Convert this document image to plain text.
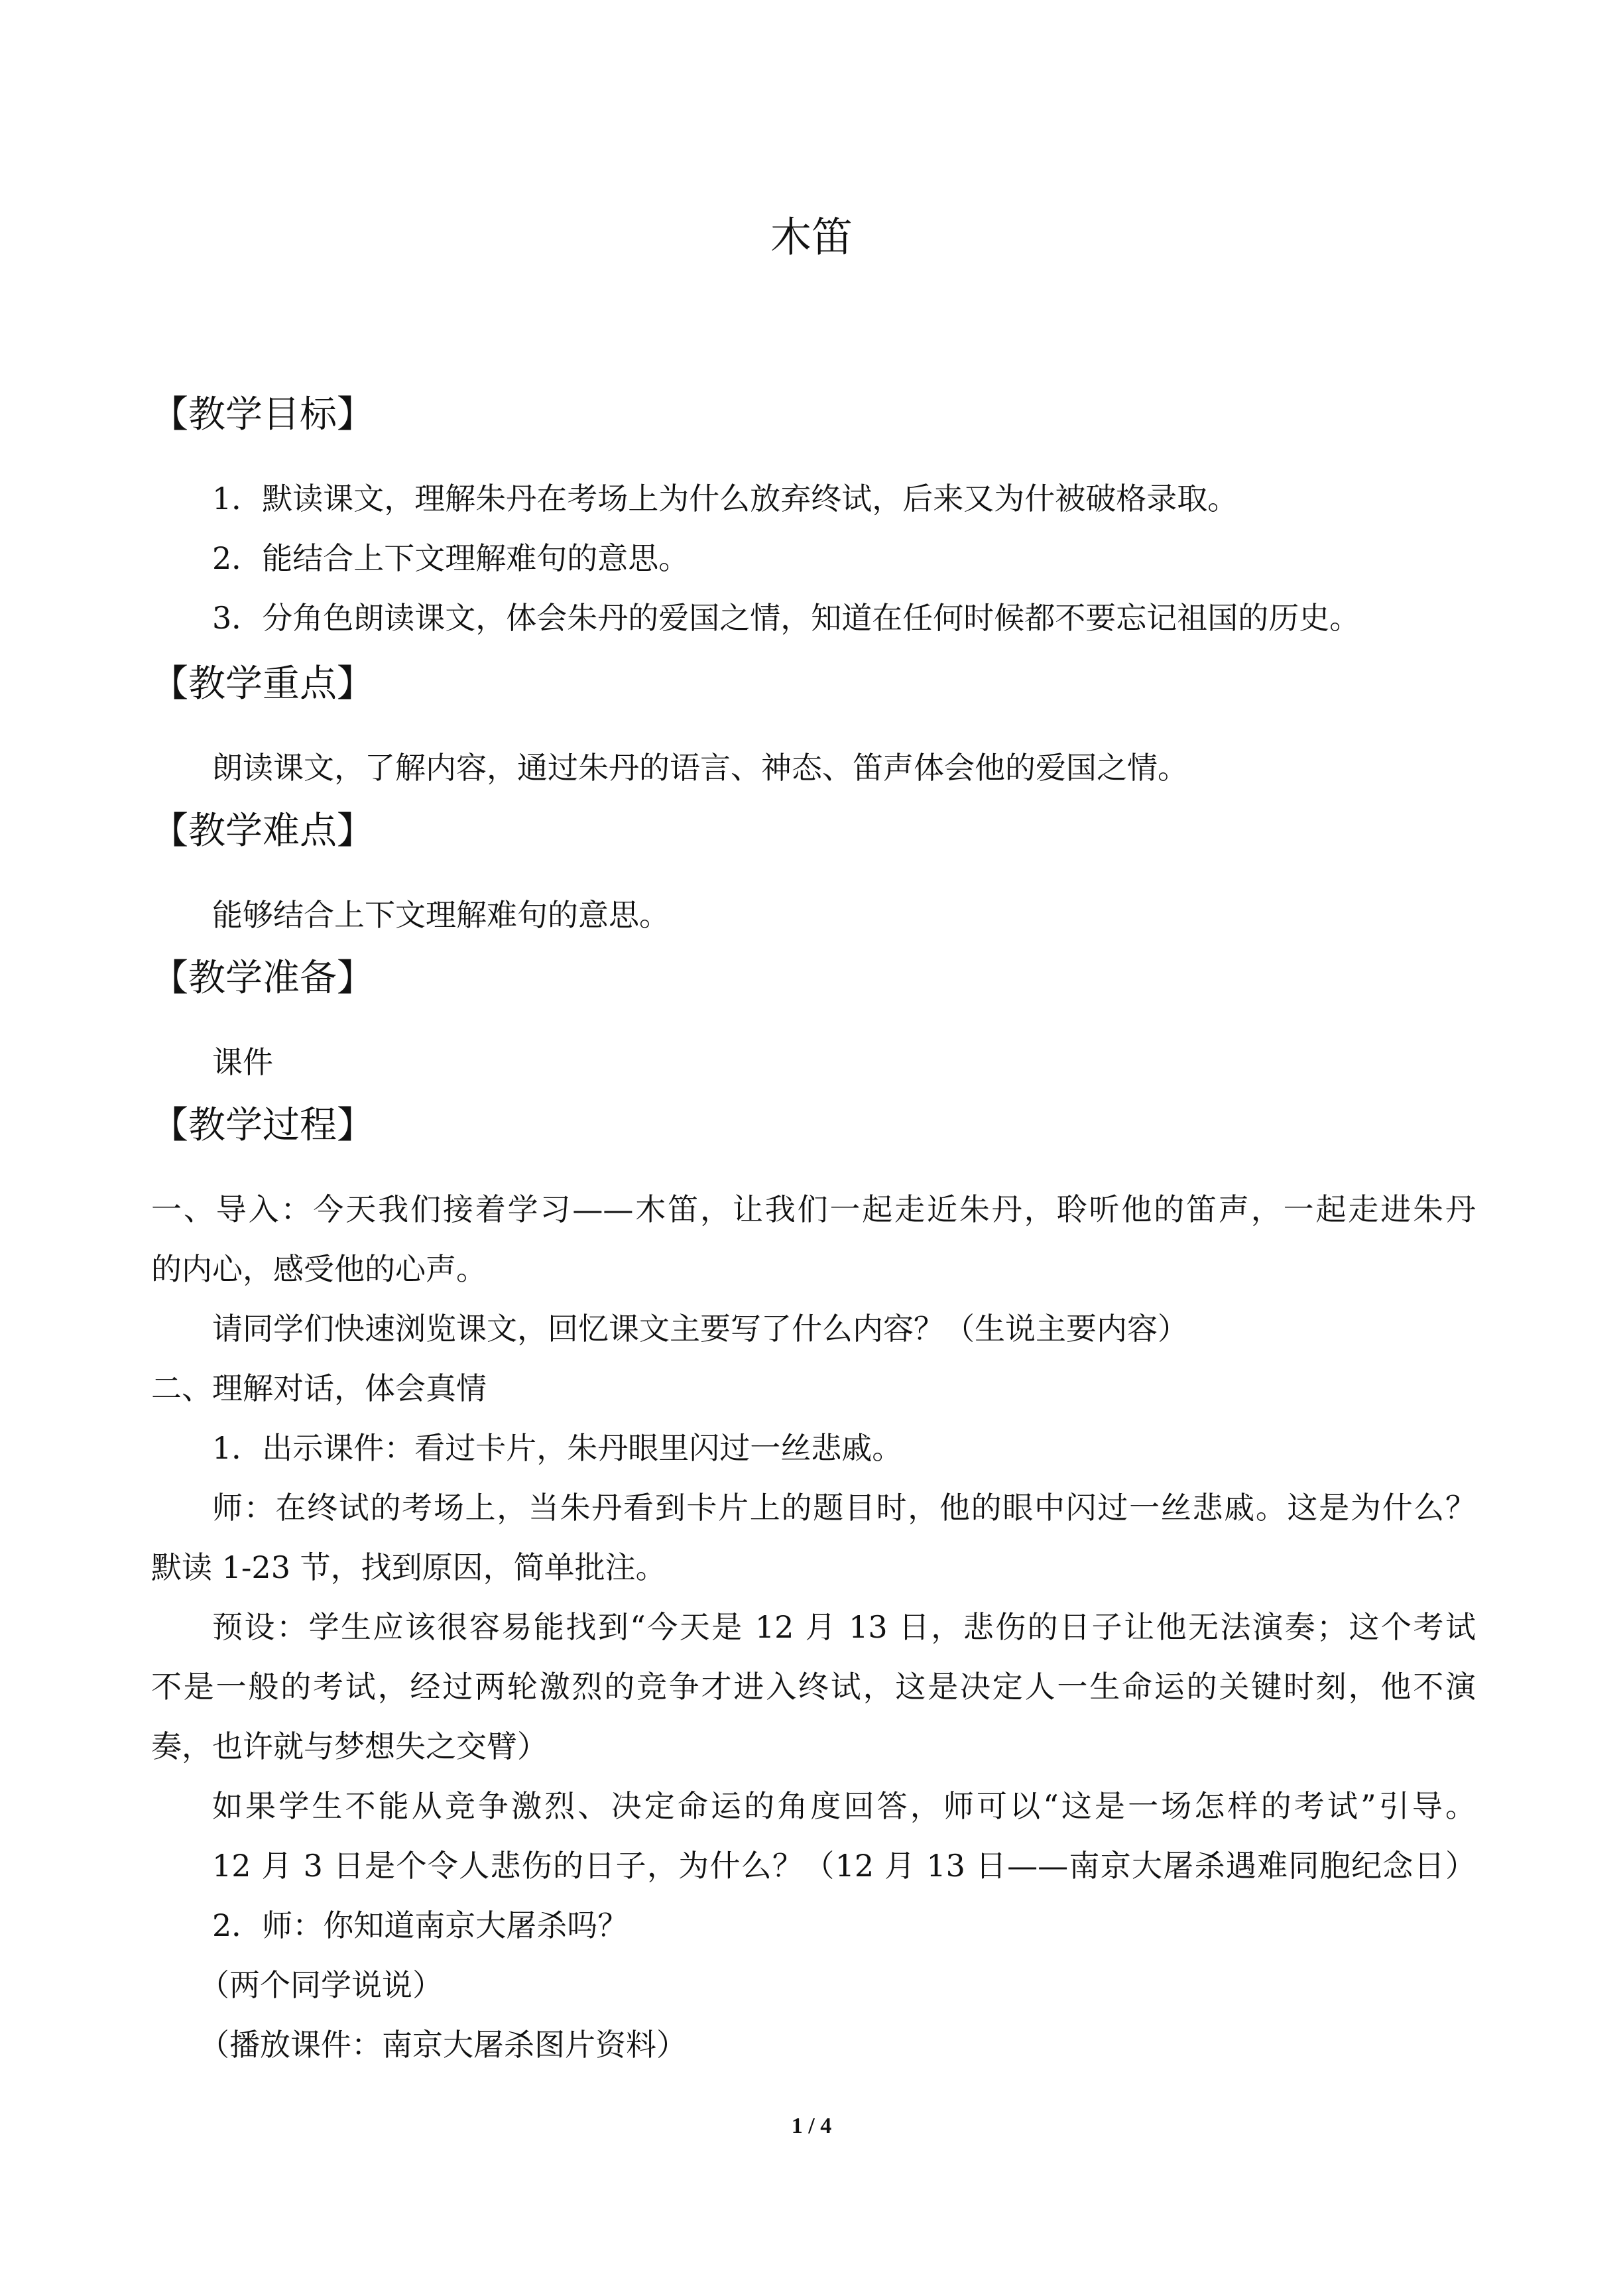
木笛
【教学目标】
1．默读课文，理解朱丹在考场上为什么放弃终试，后来又为什被破格录取。
2．能结合上下文理解难句的意思。
3．分角色朗读课文，体会朱丹的爱国之情，知道在任何时候都不要忘记祖国的历史。
【教学重点】
朗读课文，了解内容，通过朱丹的语言、神态、笛声体会他的爱国之情。
【教学难点】
能够结合上下文理解难句的意思。
【教学准备】
课件
【教学过程】
一、导入：今天我们接着学习——木笛，让我们一起走近朱丹，聆听他的笛声，一起走进朱丹
的内心，感受他的心声。
请同学们快速浏览课文，回忆课文主要写了什么内容？（生说主要内容）
二、理解对话，体会真情
1．出示课件：看过卡片，朱丹眼里闪过一丝悲戚。
师：在终试的考场上，当朱丹看到卡片上的题目时，他的眼中闪过一丝悲戚。这是为什么？
默读 1-23 节，找到原因，简单批注。
预设：学生应该很容易能找到“今天是 12 月 13 日，悲伤的日子让他无法演奏；这个考试
不是一般的考试，经过两轮激烈的竞争才进入终试，这是决定人一生命运的关键时刻，他不演
奏，也许就与梦想失之交臂）
如果学生不能从竞争激烈、决定命运的角度回答，师可以“这是一场怎样的考试”引导。
12 月 3 日是个令人悲伤的日子，为什么？（12 月 13 日——南京大屠杀遇难同胞纪念日）
2．师：你知道南京大屠杀吗？
（两个同学说说）
（播放课件：南京大屠杀图片资料）
1 / 4
